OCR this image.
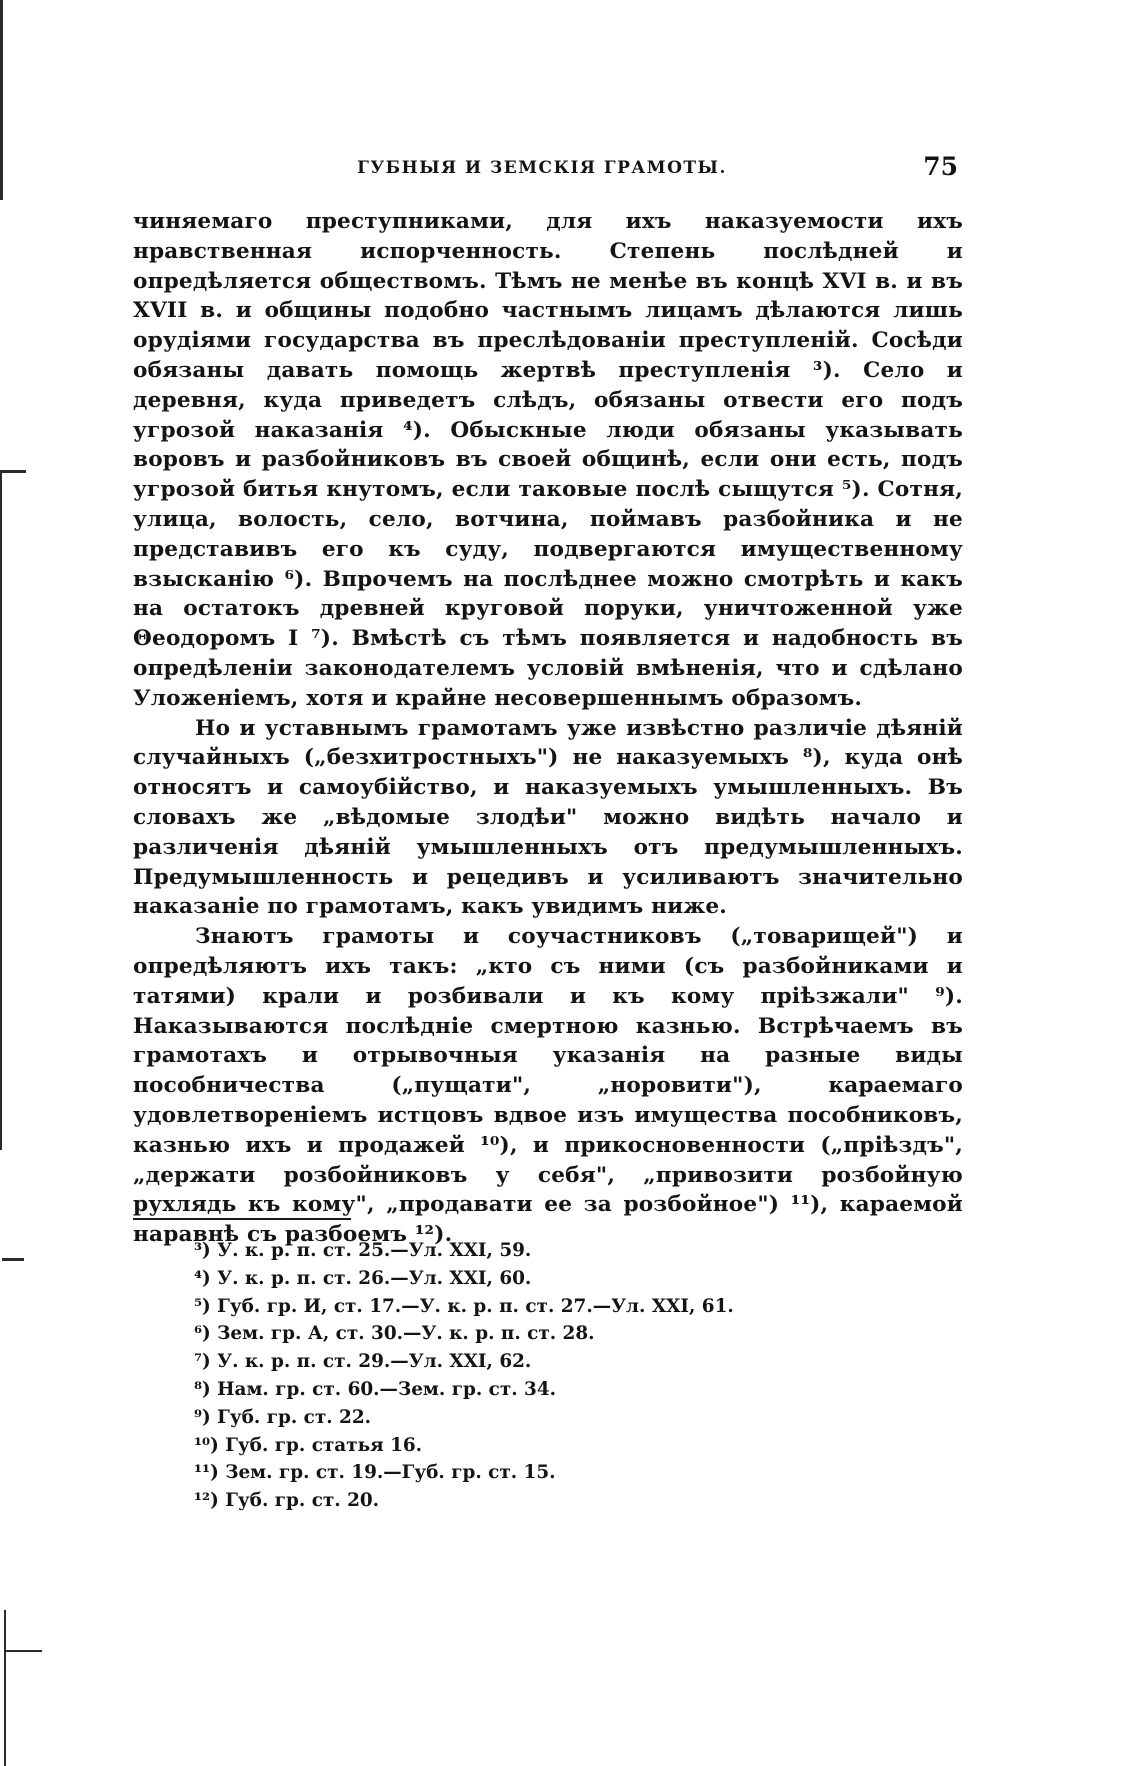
ГУБНЫЯ И ЗЕМСКІЯ ГРАМОТЫ.	75

чиняемаго преступниками, для ихъ наказуемости ихъ нравственная испорченность. Степень послѣдней и опредѣляется обществомъ. Тѣмъ не менѣе въ концѣ XVI в. и въ XVII в. и общины подобно частнымъ лицамъ дѣлаются лишь орудіями государства въ преслѣдованіи преступленій. Сосѣди обязаны давать помощь жертвѣ преступленія ³). Село и деревня, куда приведетъ слѣдъ, обязаны отвести его подъ угрозой наказанія ⁴). Обыскные люди обязаны указывать воровъ и разбойниковъ въ своей общинѣ, если они есть, подъ угрозой битья кнутомъ, если таковые послѣ сыщутся ⁵). Сотня, улица, волость, село, вотчина, поймавъ разбойника и не представивъ его къ суду, подвергаются имущественному взысканію ⁶). Впрочемъ на послѣднее можно смотрѣть и какъ на остатокъ древней круговой поруки, уничтоженной уже Θеодоромъ I ⁷). Вмѣстѣ съ тѣмъ появляется и надобность въ опредѣленіи законодателемъ условій вмѣненія, что и сдѣлано Уложеніемъ, хотя и крайне несовершеннымъ образомъ.

Но и уставнымъ грамотамъ уже извѣстно различіе дѣяній случайныхъ („безхитростныхъ") не наказуемыхъ ⁸), куда онѣ относятъ и самоубійство, и наказуемыхъ умышленныхъ. Въ словахъ же „вѣдомые злодѣи" можно видѣть начало и различенія дѣяній умышленныхъ отъ предумышленныхъ. Предумышленность и рецедивъ и усиливаютъ значительно наказаніе по грамотамъ, какъ увидимъ ниже.

Знаютъ грамоты и соучастниковъ („товарищей") и опредѣляютъ ихъ такъ: „кто съ ними (съ разбойниками и татями) крали и розбивали и къ кому прiѣзжали" ⁹). Наказываются послѣдніе смертною казнью. Встрѣчаемъ въ грамотахъ и отрывочныя указанія на разные виды пособничества („пущати", „норовити"), караемаго удовлетвореніемъ истцовъ вдвое изъ имущества пособниковъ, казнью ихъ и продажей ¹⁰), и прикосновенности („прiѣздъ", „держати розбойниковъ у себя", „привозити розбойную рухлядь къ кому", „продавати ее за розбойное") ¹¹), караемой наравнѣ съ разбоемъ ¹²).

³) У. к. р. п. ст. 25.—Ул. XXI, 59.
⁴) У. к. р. п. ст. 26.—Ул. XXI, 60.
⁵) Губ. гр. И, ст. 17.—У. к. р. п. ст. 27.—Ул. XXI, 61.
⁶) Зем. гр. А, ст. 30.—У. к. р. п. ст. 28.
⁷) У. к. р. п. ст. 29.—Ул. XXI, 62.
⁸) Нам. гр. ст. 60.—Зем. гр. ст. 34.
⁹) Губ. гр. ст. 22.
¹⁰) Губ. гр. статья 16.
¹¹) Зем. гр. ст. 19.—Губ. гр. ст. 15.
¹²) Губ. гр. ст. 20.
